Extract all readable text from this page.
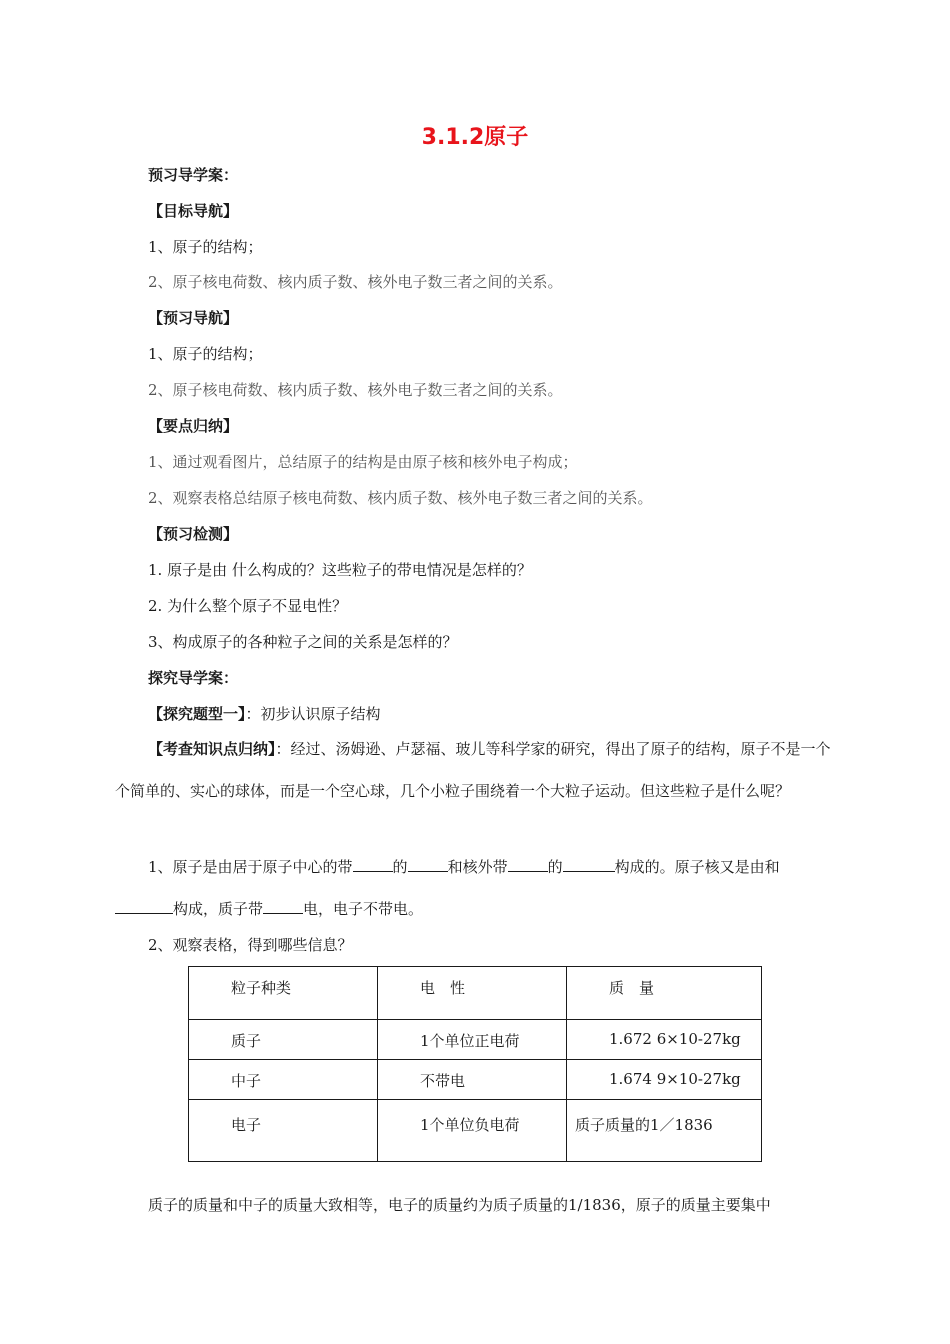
3.1.2原子
预习导学案：
【目标导航】
1、原子的结构；
2、原子核电荷数、核内质子数、核外电子数三者之间的关系。
【预习导航】
1、原子的结构；
2、原子核电荷数、核内质子数、核外电子数三者之间的关系。
【要点归纳】
1、通过观看图片，总结原子的结构是由原子核和核外电子构成；
2、观察表格总结原子核电荷数、核内质子数、核外电子数三者之间的关系。
【预习检测】
1. 原子是由 什么构成的？这些粒子的带电情况是怎样的？
2. 为什么整个原子不显电性？
3、构成原子的各种粒子之间的关系是怎样的？
探究导学案：
【探究题型一】：初步认识原子结构
【考查知识点归纳】：经过、汤姆逊、卢瑟福、玻儿等科学家的研究，得出了原子的结构，原子不是一个个简单的、实心的球体，而是一个空心球，几个小粒子围绕着一个大粒子运动。但这些粒子是什么呢？
1、原子是由居于原子中心的带	的	和核外带	的	构成的。原子核又是由和构成，质子带	电，电子不带电。
2、观察表格，得到哪些信息？
粒子种类	电　性	质　量

质子	1个单位正电荷	1.672 6×10-27kg

中子	不带电	1.674 9×10-27kg

电子	1个单位负电荷	质子质量的1／1836
质子的质量和中子的质量大致相等，电子的质量约为质子质量的1/1836，原子的质量主要集中
